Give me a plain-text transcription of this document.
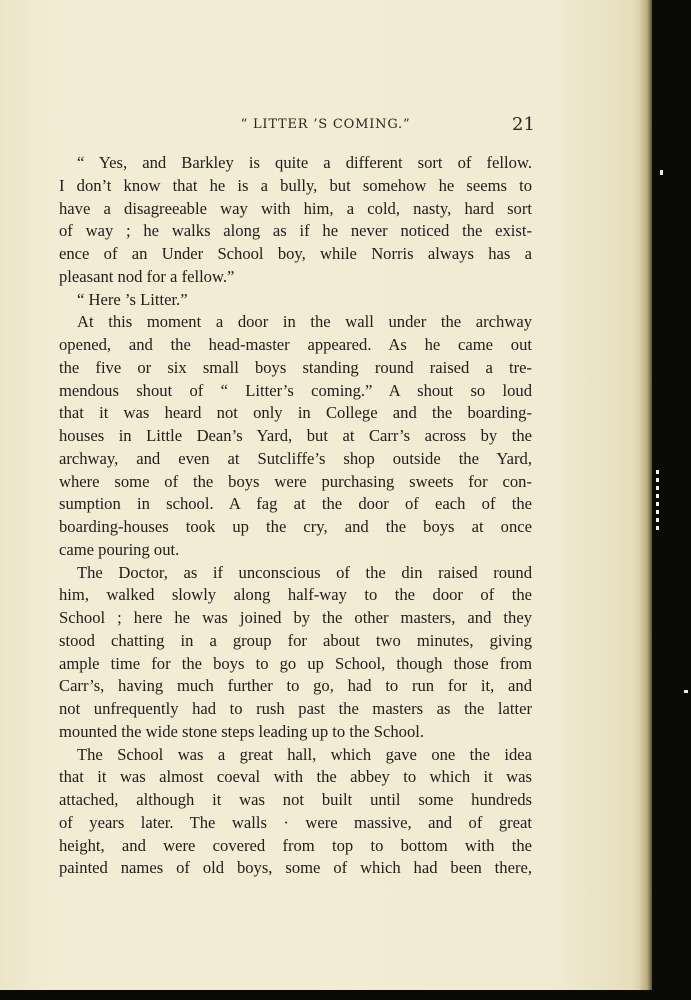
“ LITTER ’S COMING.”	21
“ Yes, and Barkley is quite a different sort of fellow.
I don’t know that he is a bully, but somehow he seems to
have a disagreeable way with him, a cold, nasty, hard sort
of way ; he walks along as if he never noticed the exist-
ence of an Under School boy, while Norris always has a
pleasant nod for a fellow.”
“ Here ’s Litter.”
At this moment a door in the wall under the archway
opened, and the head-master appeared. As he came out
the five or six small boys standing round raised a tre-
mendous shout of “ Litter’s coming.” A shout so loud
that it was heard not only in College and the boarding-
houses in Little Dean’s Yard, but at Carr’s across by the
archway, and even at Sutcliffe’s shop outside the Yard,
where some of the boys were purchasing sweets for con-
sumption in school. A fag at the door of each of the
boarding-houses took up the cry, and the boys at once
came pouring out.
The Doctor, as if unconscious of the din raised round
him, walked slowly along half-way to the door of the
School ; here he was joined by the other masters, and they
stood chatting in a group for about two minutes, giving
ample time for the boys to go up School, though those from
Carr’s, having much further to go, had to run for it, and
not unfrequently had to rush past the masters as the latter
mounted the wide stone steps leading up to the School.
The School was a great hall, which gave one the idea
that it was almost coeval with the abbey to which it was
attached, although it was not built until some hundreds
of years later. The walls · were massive, and of great
height, and were covered from top to bottom with the
painted names of old boys, some of which had been there,
